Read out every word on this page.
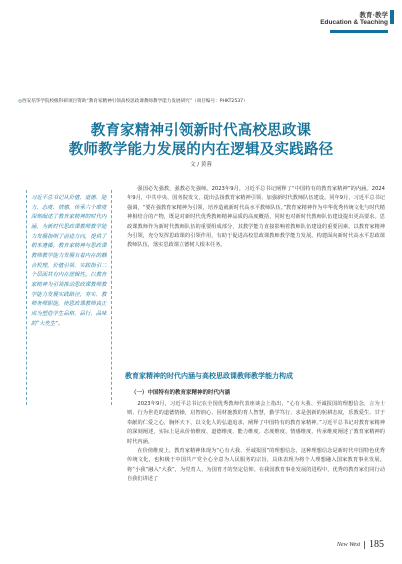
教育·教学
Education & Teaching
◎西安培华学院校级科研项目资助“教育家精神引领高校思政课教师教学能力发展研究”（项目编号：PHKT2537）
教育家精神引领新时代高校思政课
教师教学能力发展的内在逻辑及实践路径
文 / 黄蓉

习近平总书记从价值、道德、能力、态度、情感、传承六个维度深刻阐述了教育家精神的时代内涵，为新时代思政课教师教学能力发展指明了前进方向，提供了根本遵循。教育家精神与思政课教师教学能力发展有着内在的耦合机理，价值引领、实践指引二个层面共有内在逻辑性。以教育家精神为引领推动思政课教师教学能力发展实践路径，夯实、教师务师职能，使思政课教师真正成为塑造学生品格、品行、品味的“大先生”。

强国必先强教，强教必先强师。2023年9月，习近平总书记阐释了“中国特有的教育家精神”的内涵。2024年9月，中共中央、国务院发文，提出弘扬教育家精神引领、加强新时代教师队伍建设。同年9月，习近平总书记强调，“要在强教育家精神为引领，培养造就新时代高水平教师队伍。”教育家精神作为中华优秀传统文化与时代精神相结合的产物，既是对新时代优秀教师精神品质的高度概括，同时也对新时代教师队伍建设提出更高要求。思政课教师作为新时代教师队伍的重要组成部分，其教学能力直接影响着教师队伍建设的重要因素。以教育家精神为引领，充分发挥思政课的引领作用，有助于促进高校思政课教师教学能力发展。构建面向新时代高水平思政课教师队伍，落实思政课立德树人根本任务。

教育家精神的时代内涵与高校思政课教师教学能力构成
（一）中国特有的教育家精神的时代内涵

2023年9月，习近平总书记在全国优秀教师代表座谈会上指出，“心有大我、至诚报国的理想信念，言为士则、行为世范的道德情操，启智润心、因材施教的育人智慧，勤学笃行、求是创新的躬耕态度，乐教爱生、甘于奉献的仁爱之心，胸怀天下、以文化人的弘道追求，阐释了中国特有的教育家精神。”习近平总书记对教育家精神的深刻阐述，实际上是从价值维度、道德维度、能力维度、态度维度、情感维度、传承维度阐述了教育家精神的时代内涵。

在价值维度上，教育家精神体现为“心有大我、至诚报国”的理想信念，这种理想信念是新时代中国特色优秀传统文化，也积极于中国共产党全心全意为人民服务的宗旨，具体表现为将个人理想融入国家教育事业发展。将“小我”融入“大我”，为党育人、为国育才的坚定信仰。在我国教育事业发展的进程中，优秀的教育家们同行动自我们讲述了

New West 185
